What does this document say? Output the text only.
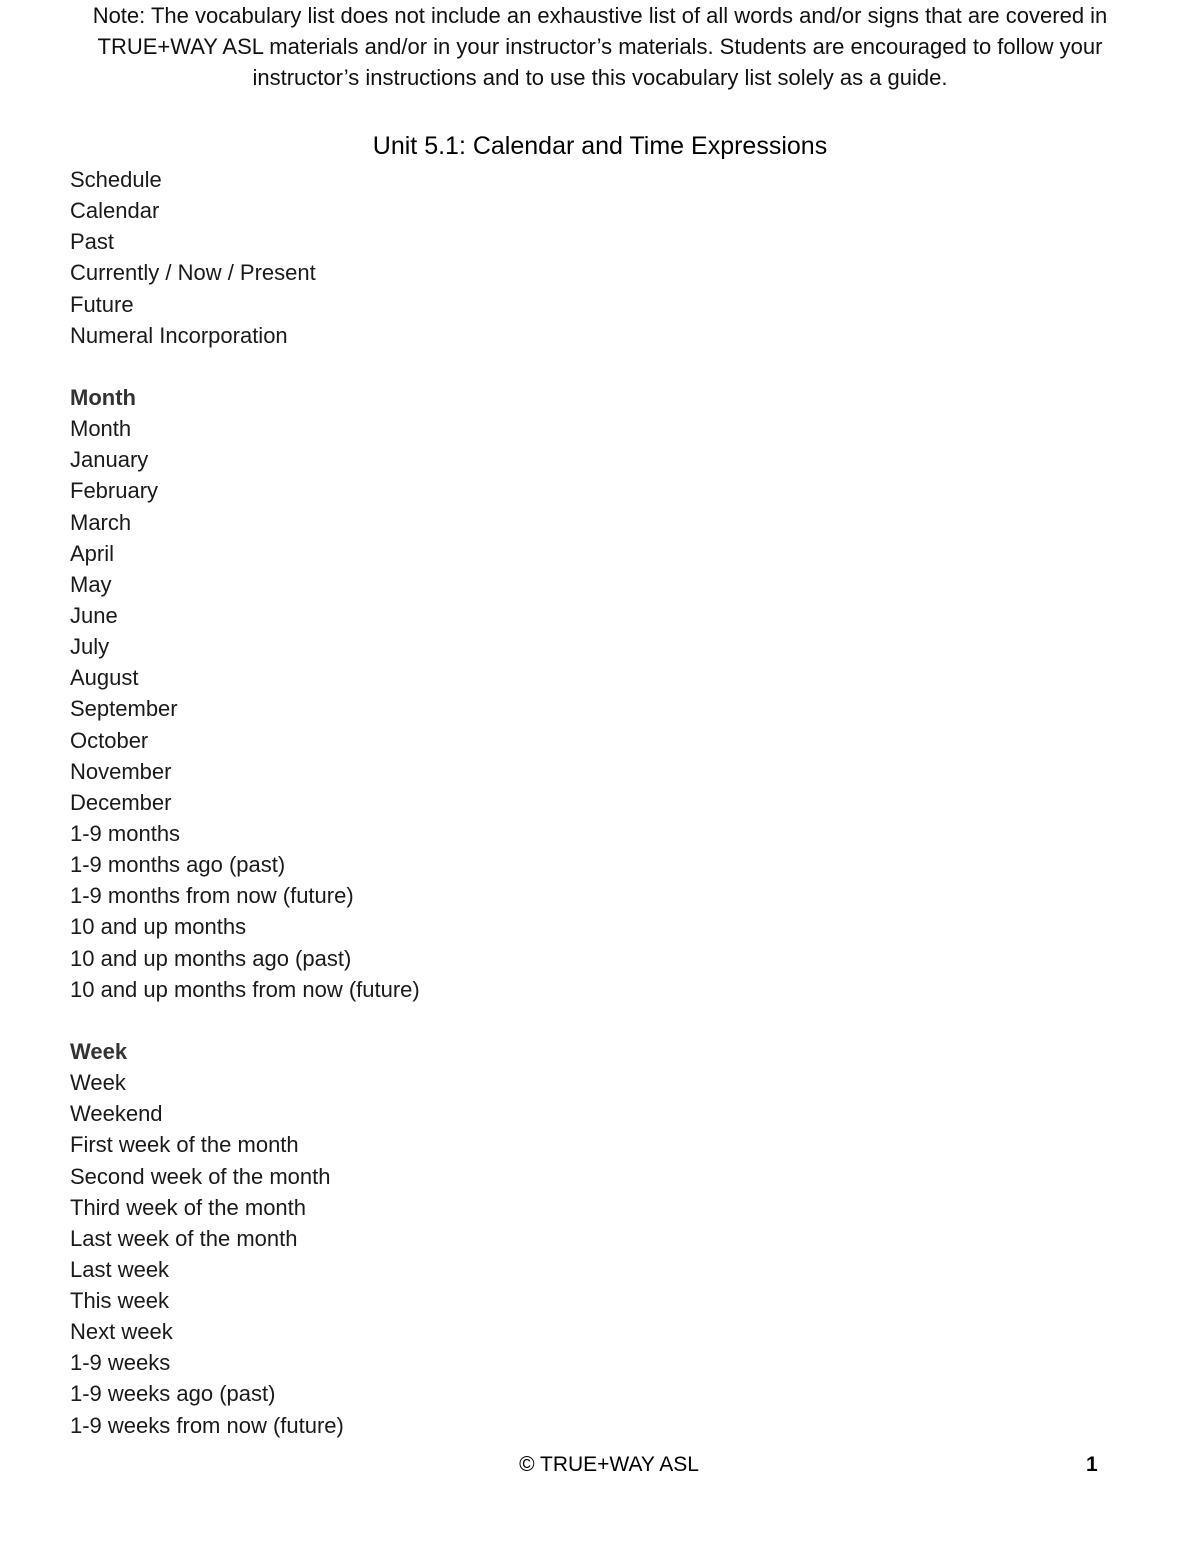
Note: The vocabulary list does not include an exhaustive list of all words and/or signs that are covered in TRUE+WAY ASL materials and/or in your instructor’s materials. Students are encouraged to follow your instructor’s instructions and to use this vocabulary list solely as a guide.
Unit 5.1: Calendar and Time Expressions
Schedule
Calendar
Past
Currently / Now / Present
Future
Numeral Incorporation
Month
Month
January
February
March
April
May
June
July
August
September
October
November
December
1-9 months
1-9 months ago (past)
1-9 months from now (future)
10 and up months
10 and up months ago (past)
10 and up months from now (future)
Week
Week
Weekend
First week of the month
Second week of the month
Third week of the month
Last week of the month
Last week
This week
Next week
1-9 weeks
1-9 weeks ago (past)
1-9 weeks from now (future)
© TRUE+WAY ASL	1
